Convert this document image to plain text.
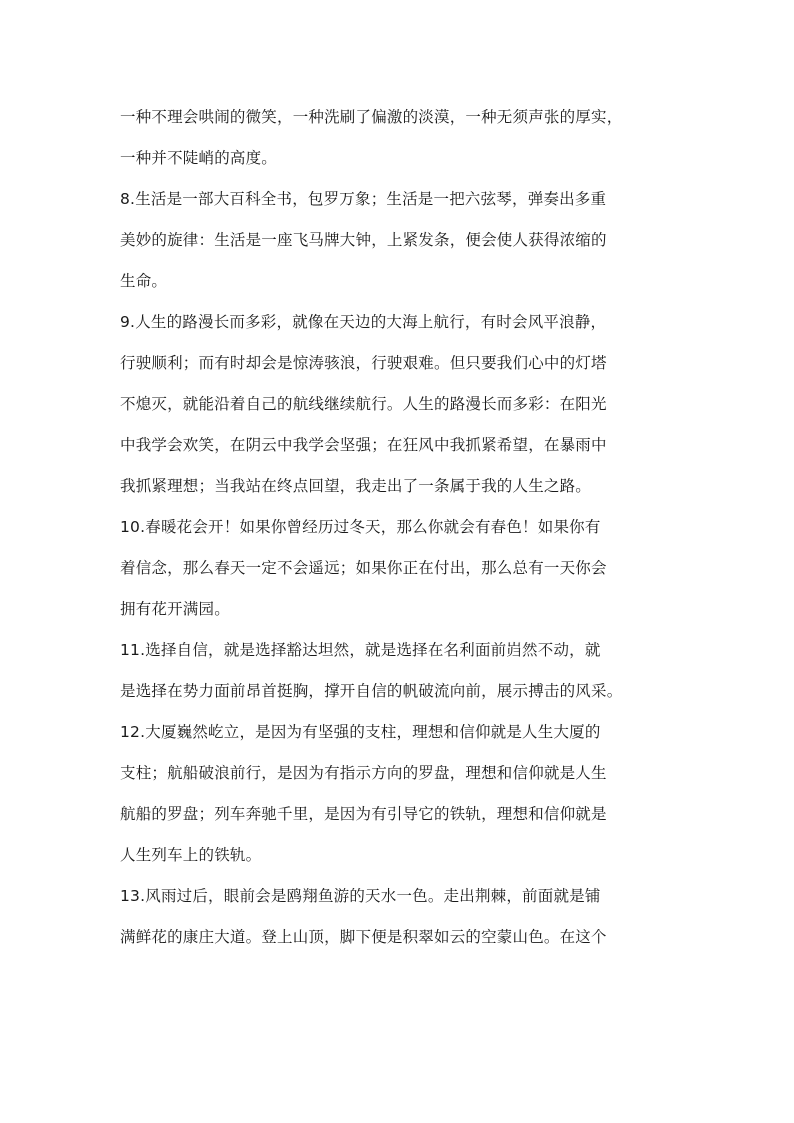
一种不理会哄闹的微笑，一种洗刷了偏激的淡漠，一种无须声张的厚实，
一种并不陡峭的高度。
8.生活是一部大百科全书，包罗万象；生活是一把六弦琴，弹奏出多重
美妙的旋律：生活是一座飞马牌大钟，上紧发条，便会使人获得浓缩的
生命。
9.人生的路漫长而多彩，就像在天边的大海上航行，有时会风平浪静，
行驶顺利；而有时却会是惊涛骇浪，行驶艰难。但只要我们心中的灯塔
不熄灭，就能沿着自己的航线继续航行。人生的路漫长而多彩：在阳光
中我学会欢笑，在阴云中我学会坚强；在狂风中我抓紧希望，在暴雨中
我抓紧理想；当我站在终点回望，我走出了一条属于我的人生之路。
10.春暖花会开！如果你曾经历过冬天，那么你就会有春色！如果你有
着信念，那么春天一定不会遥远；如果你正在付出，那么总有一天你会
拥有花开满园。
11.选择自信，就是选择豁达坦然，就是选择在名利面前岿然不动，就
是选择在势力面前昂首挺胸，撑开自信的帆破流向前，展示搏击的风采。
12.大厦巍然屹立，是因为有坚强的支柱，理想和信仰就是人生大厦的
支柱；航船破浪前行，是因为有指示方向的罗盘，理想和信仰就是人生
航船的罗盘；列车奔驰千里，是因为有引导它的铁轨，理想和信仰就是
人生列车上的铁轨。
13.风雨过后，眼前会是鸥翔鱼游的天水一色。走出荆棘，前面就是铺
满鲜花的康庄大道。登上山顶，脚下便是积翠如云的空蒙山色。在这个
